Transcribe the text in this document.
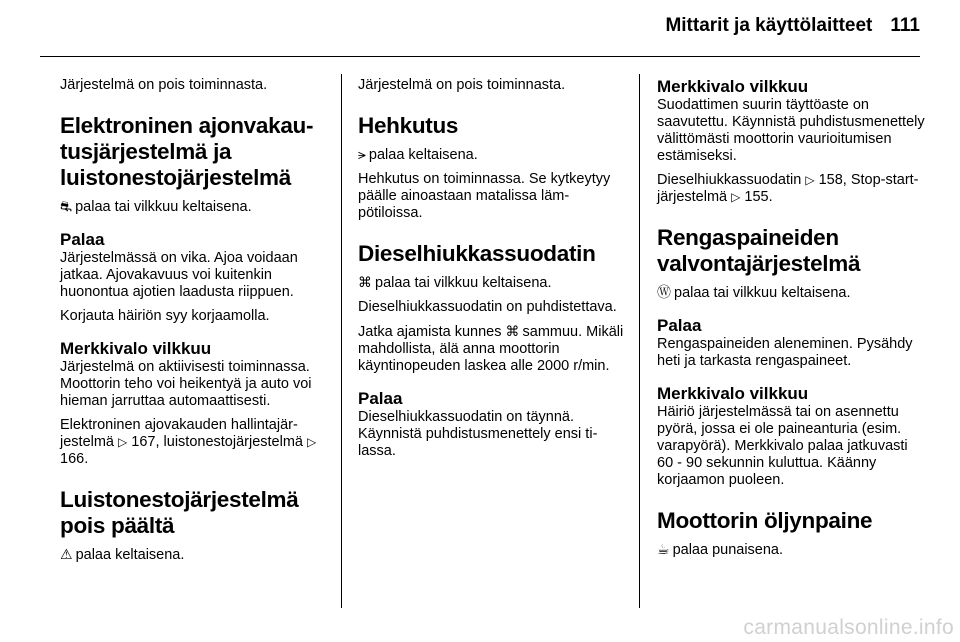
Mittarit ja käyttölaitteet 111

Järjestelmä on pois toiminnasta.

Elektroninen ajonvakautusjärjestelmä ja luistonestojärjestelmä

⛐ palaa tai vilkkuu keltaisena.

Palaa

Järjestelmässä on vika. Ajoa voidaan jatkaa. Ajovakavuus voi kuitenkin huonontua ajotien laadusta riippuen.

Korjauta häiriön syy korjaamolla.

Merkkivalo vilkkuu

Järjestelmä on aktiivisesti toiminnassa. Moottorin teho voi heikentyä ja auto voi hieman jarruttaa automaattisesti.

Elektroninen ajovakauden hallintajärjestelmä ▷ 167, luistonestojärjestelmä ▷ 166.

Luistonestojärjestelmä pois päältä

⚠ palaa keltaisena.

Järjestelmä on pois toiminnasta.

Hehkutus

⪫ palaa keltaisena.

Hehkutus on toiminnassa. Se kytkeytyy päälle ainoastaan matalissa lämpötiloissa.

Dieselhiukkassuodatin

⌘ palaa tai vilkkuu keltaisena.

Dieselhiukkassuodatin on puhdistettava.

Jatka ajamista kunnes ⌘ sammuu. Mikäli mahdollista, älä anna moottorin käyntinopeuden laskea alle 2000 r/min.

Palaa

Dieselhiukkassuodatin on täynnä. Käynnistä puhdistusmenettely ensi tilassa.

Merkkivalo vilkkuu

Suodattimen suurin täyttöaste on saavutettu. Käynnistä puhdistusmenettely välittömästi moottorin vaurioitumisen estämiseksi.

Dieselhiukkassuodatin ▷ 158, Stop-start-järjestelmä ▷ 155.

Rengaspaineiden valvontajärjestelmä

Ⓦ palaa tai vilkkuu keltaisena.

Palaa

Rengaspaineiden aleneminen. Pysähdy heti ja tarkasta rengaspaineet.

Merkkivalo vilkkuu

Häiriö järjestelmässä tai on asennettu pyörä, jossa ei ole paineanturia (esim. varapyörä). Merkkivalo palaa jatkuvasti 60 - 90 sekunnin kuluttua. Käänny korjaamon puoleen.

Moottorin öljynpaine

☕ palaa punaisena.

carmanualsonline.info
